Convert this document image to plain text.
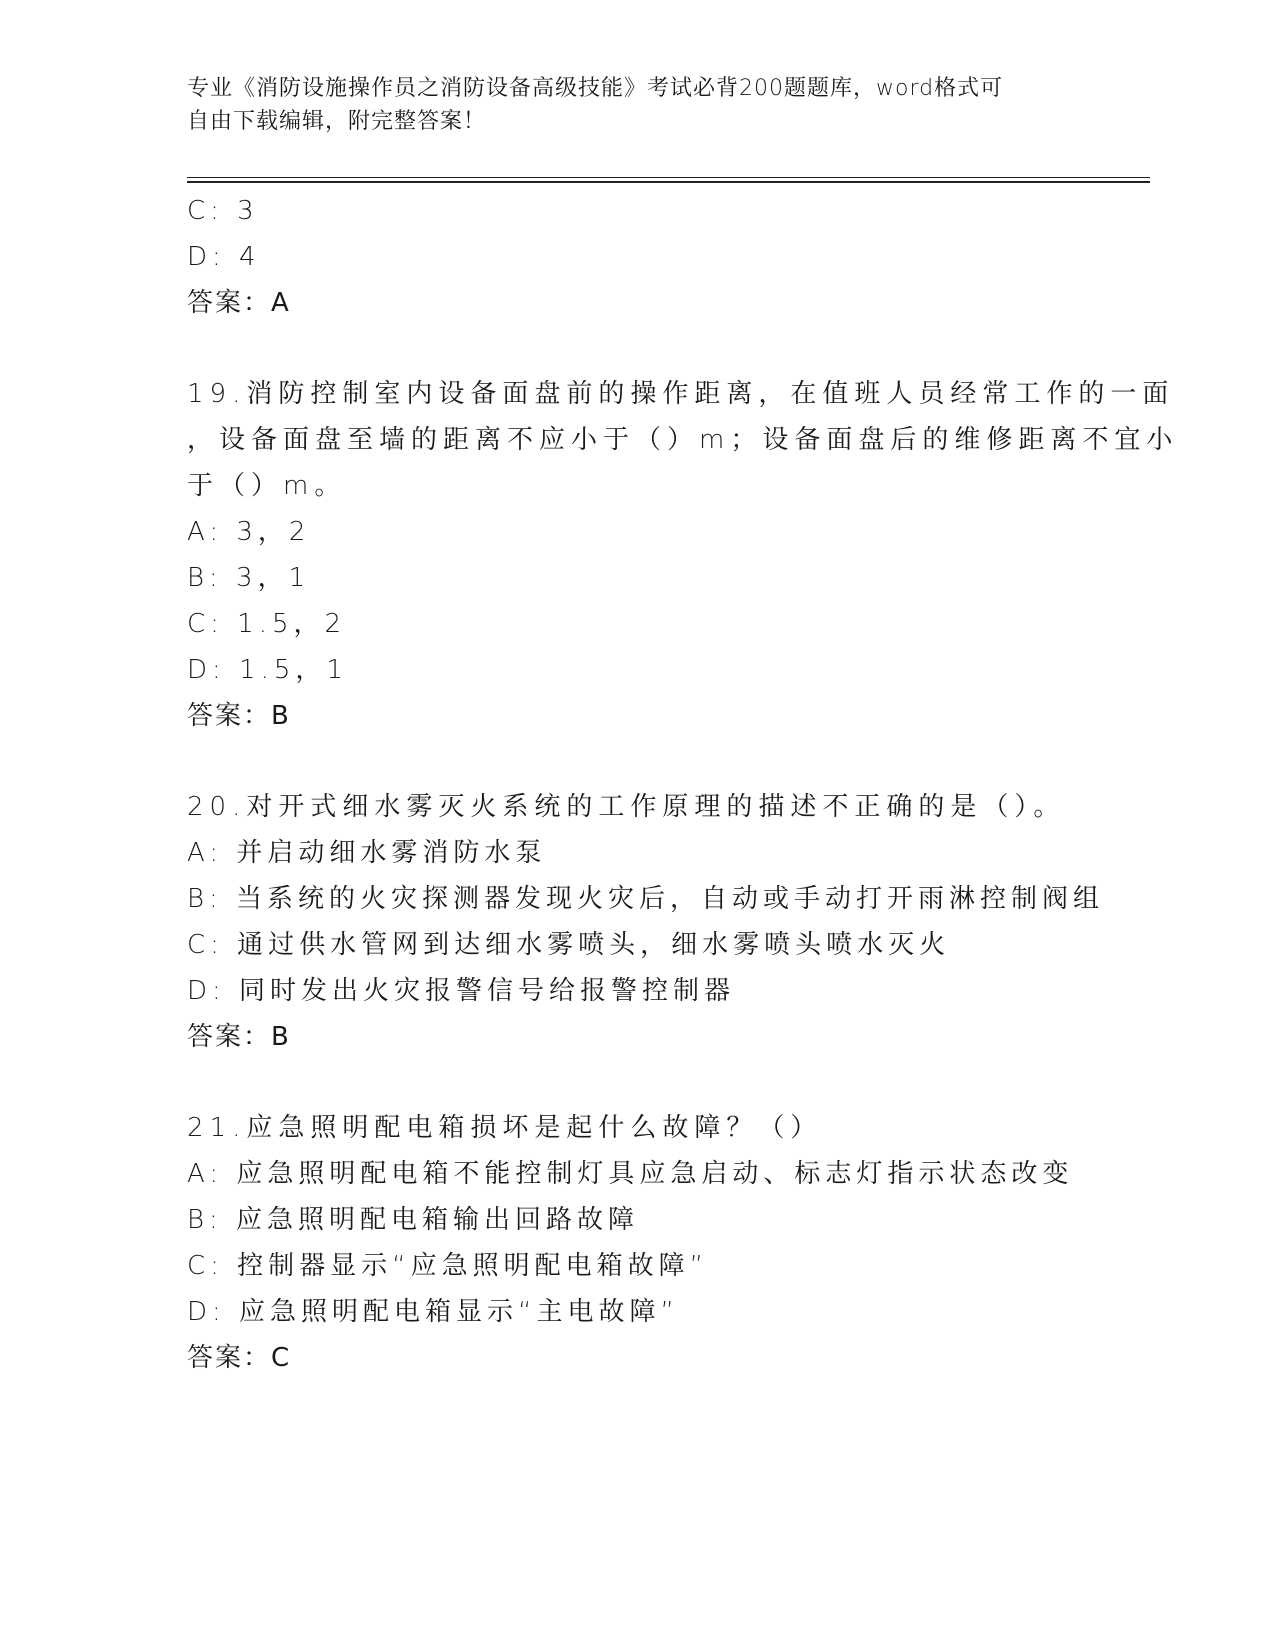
专业《消防设施操作员之消防设备高级技能》考试必背200题题库，word格式可
自由下载编辑，附完整答案！
C: 3
D: 4
答案：A
19.消防控制室内设备面盘前的操作距离，在值班人员经常工作的一面
，设备面盘至墙的距离不应小于（）m；设备面盘后的维修距离不宜小
于（）m。
A: 3，2
B: 3，1
C: 1.5，2
D: 1.5，1
答案：B
20.对开式细水雾灭火系统的工作原理的描述不正确的是（）。
A: 并启动细水雾消防水泵
B: 当系统的火灾探测器发现火灾后，自动或手动打开雨淋控制阀组
C: 通过供水管网到达细水雾喷头，细水雾喷头喷水灭火
D: 同时发出火灾报警信号给报警控制器
答案：B
21.应急照明配电箱损坏是起什么故障？（）
A: 应急照明配电箱不能控制灯具应急启动、标志灯指示状态改变
B: 应急照明配电箱输出回路故障
C: 控制器显示“应急照明配电箱故障”
D: 应急照明配电箱显示“主电故障”
答案：C
